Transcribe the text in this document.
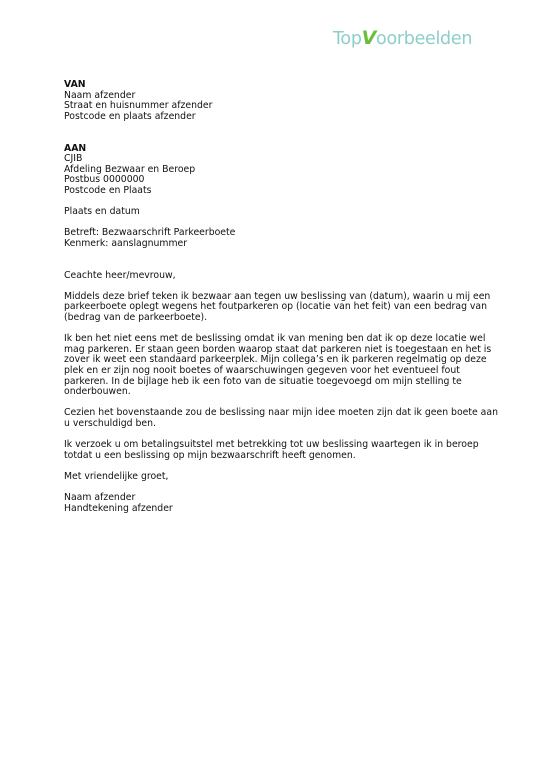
TopVoorbeelden
VAN
Naam afzender
Straat en huisnummer afzender
Postcode en plaats afzender
AAN
CJIB
Afdeling Bezwaar en Beroep
Postbus 0000000
Postcode en Plaats
Plaats en datum
Betreft: Bezwaarschrift Parkeerboete
Kenmerk: aanslagnummer
Ceachte heer/mevrouw,
Middels deze brief teken ik bezwaar aan tegen uw beslissing van (datum), waarin u mij een
parkeerboete oplegt wegens het foutparkeren op (locatie van het feit) van een bedrag van
(bedrag van de parkeerboete).
Ik ben het niet eens met de beslissing omdat ik van mening ben dat ik op deze locatie wel
mag parkeren. Er staan geen borden waarop staat dat parkeren niet is toegestaan en het is
zover ik weet een standaard parkeerplek. Mijn collega’s en ik parkeren regelmatig op deze
plek en er zijn nog nooit boetes of waarschuwingen gegeven voor het eventueel fout
parkeren. In de bijlage heb ik een foto van de situatie toegevoegd om mijn stelling te
onderbouwen.
Cezien het bovenstaande zou de beslissing naar mijn idee moeten zijn dat ik geen boete aan
u verschuldigd ben.
Ik verzoek u om betalingsuitstel met betrekking tot uw beslissing waartegen ik in beroep
totdat u een beslissing op mijn bezwaarschrift heeft genomen.
Met vriendelijke groet,
Naam afzender
Handtekening afzender
